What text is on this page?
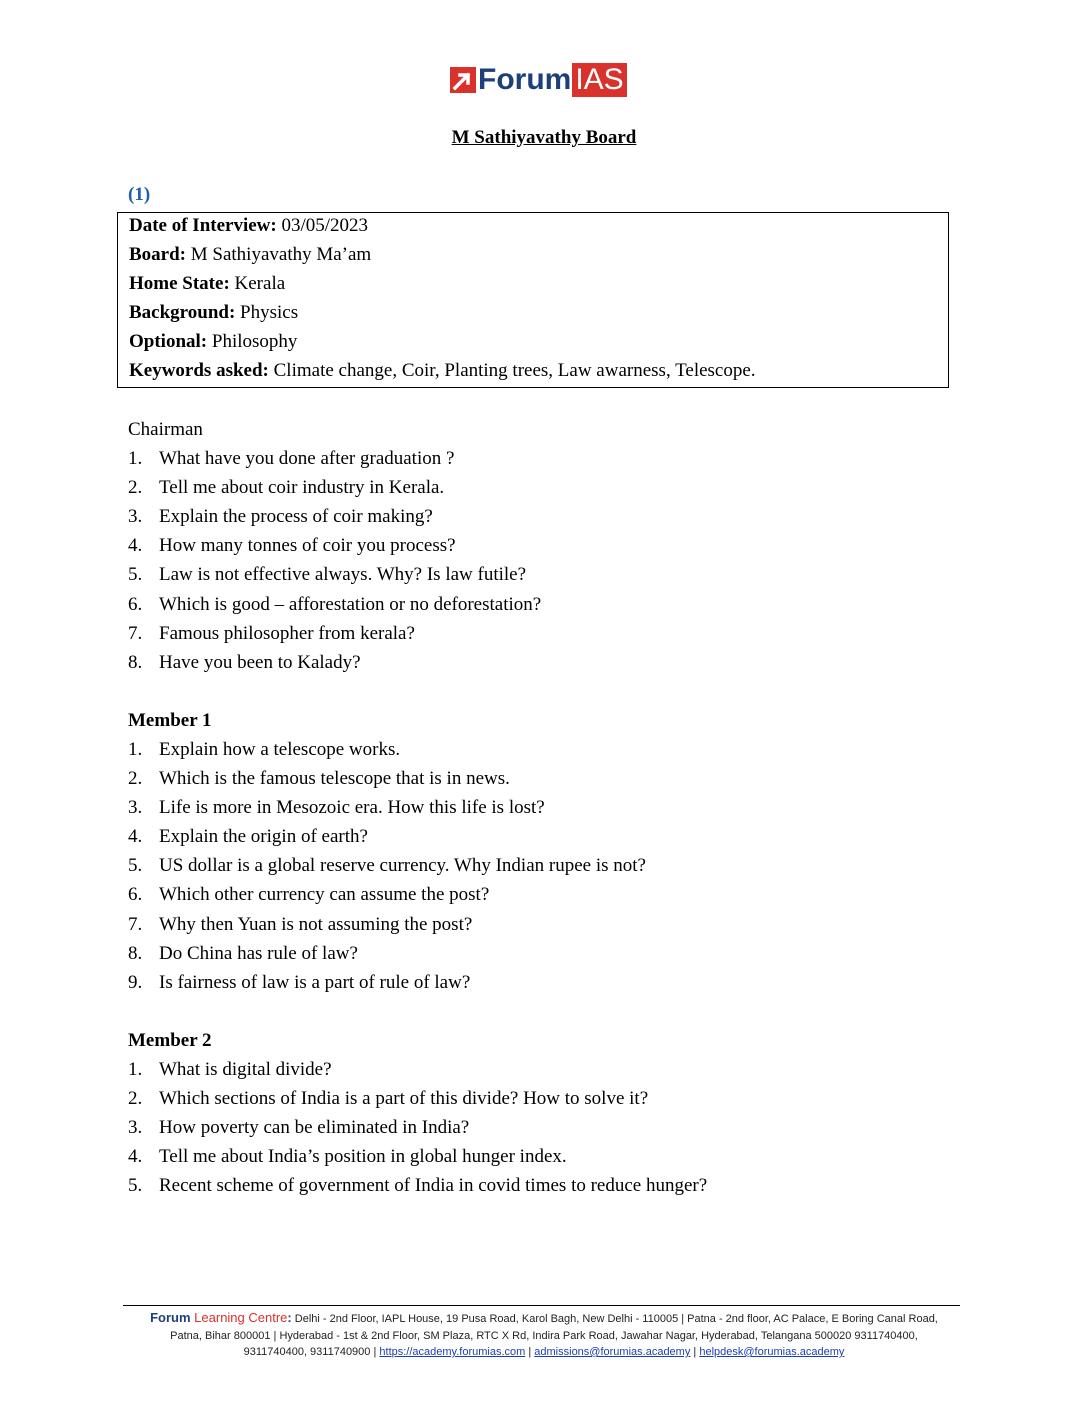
Forum IAS
M Sathiyavathy Board
(1)
Date of Interview: 03/05/2023
Board: M Sathiyavathy Ma’am
Home State: Kerala
Background: Physics
Optional: Philosophy
Keywords asked: Climate change, Coir, Planting trees, Law awarness, Telescope.
Chairman
1. What have you done after graduation ?
2. Tell me about coir industry in Kerala.
3. Explain the process of coir making?
4. How many tonnes of coir you process?
5. Law is not effective always. Why? Is law futile?
6. Which is good – afforestation or no deforestation?
7. Famous philosopher from kerala?
8. Have you been to Kalady?
Member 1
1. Explain how a telescope works.
2. Which is the famous telescope that is in news.
3. Life is more in Mesozoic era. How this life is lost?
4. Explain the origin of earth?
5. US dollar is a global reserve currency. Why Indian rupee is not?
6. Which other currency can assume the post?
7. Why then Yuan is not assuming the post?
8. Do China has rule of law?
9. Is fairness of law is a part of rule of law?
Member 2
1. What is digital divide?
2. Which sections of India is a part of this divide? How to solve it?
3. How poverty can be eliminated in India?
4. Tell me about India’s position in global hunger index.
5. Recent scheme of government of India in covid times to reduce hunger?
Forum Learning Centre: Delhi - 2nd Floor, IAPL House, 19 Pusa Road, Karol Bagh, New Delhi - 110005 | Patna - 2nd floor, AC Palace, E Boring Canal Road,
Patna, Bihar 800001 | Hyderabad - 1st & 2nd Floor, SM Plaza, RTC X Rd, Indira Park Road, Jawahar Nagar, Hyderabad, Telangana 500020 9311740400,
9311740400, 9311740900 | https://academy.forumias.com | admissions@forumias.academy | helpdesk@forumias.academy
